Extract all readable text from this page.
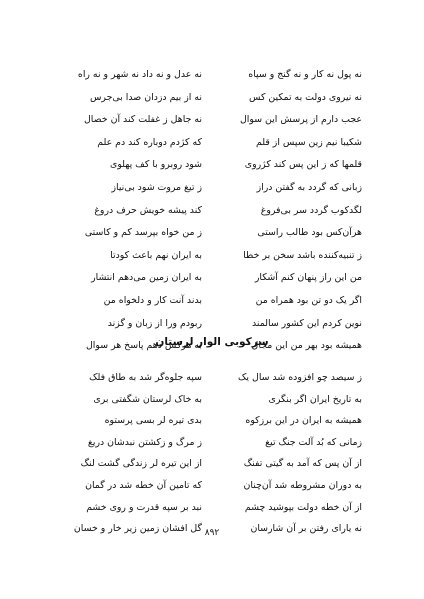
نه پول نه کار و نه گنج و سپاه
نه عدل و نه داد نه شهر و نه راه
نه نیروی دولت به تمکین کس
نه از بیم دزدان صدا بی‌جرس
عجب دارم از پرسش این سوال
نه جاهل ز غفلت کند آن خصال
شکیبا نیم زین سپس از قلم
که کژدم دوباره کند دم علم
قلمها که ز این پس کند کژروی
شود روبرو با کف پهلوی
زبانی که گردد به گفتن دراز
ز تیغ مروت شود بی‌نیاز
لگدکوب گردد سر بی‌فروغ
کند پیشه خویش حرف دروغ
هرآن‌کس بود طالب راستی
ز من خواه بپرسد کم و کاستی
ز تنبیه‌کننده باشد سخن بر خطا
به ایران نهم باعث کودتا
من این راز پنهان کنم آشکار
به ایران زمین می‌دهم انتشار
اگر یک دو تن بود همراه من
بدند آنت کار و دلخواه من
نوین کردم این کشور سالمند
ربودم ورا از زبان و گزند
همیشه بود بهر من این مجال
به هرکس دهم پاسخ هر سوال
سرکوبی الوار لرستان
ز سیصد چو افزوده شد سال یک
سپه جلوه‌گر شد به طاق فلک
به تاریخ ایران اگر بنگری
به خاک لرستان شگفتی بری
همیشه به ایران در این برزکوه
بدی تیره لر بسی پرستوه
زمانی که بُد آلت جنگ تیغ
ز مرگ و زکشتن نبدشان دریغ
از آن پس که آمد به گیتی تفنگ
از این تیره لر زندگی گشت لنگ
به دوران مشروطه شد آن‌چنان
که تامین آن خطه شد در گمان
از آن خطه دولت بپوشید چشم
نبد بر سپه قدرت و روی خشم
نه یارای رفتن بر آن شارسان
گل افشان زمین زیر خار و خسان ۸۹۲
